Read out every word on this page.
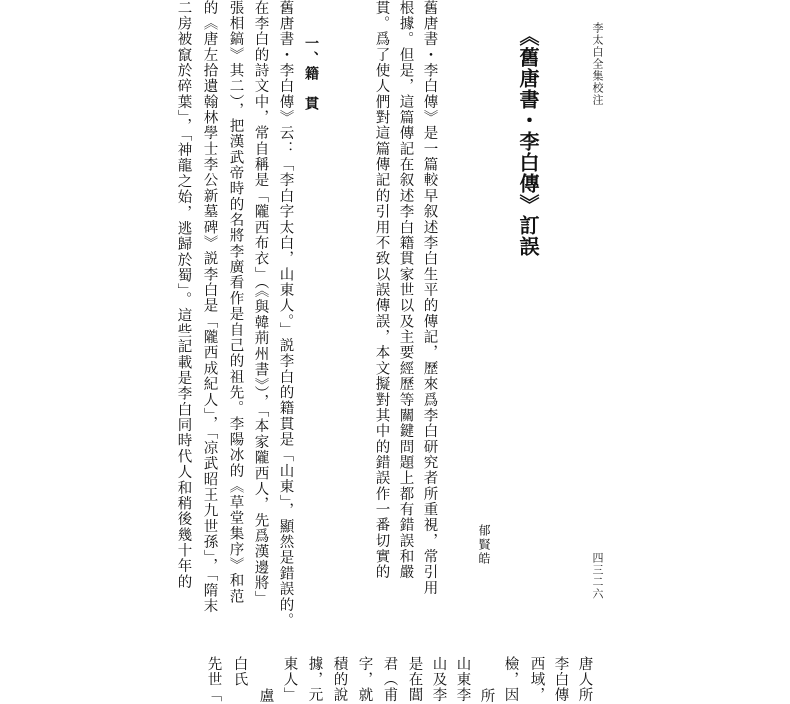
李太白全集校注
四三二六
《舊唐書・李白傳》訂誤
郁賢皓
舊唐書・李白傳》是一篇較早叙述李白生平的傳記，歷來爲李白研究者所重視，常引用
根據。但是，這篇傳記在叙述李白籍貫家世以及主要經歷等關鍵問題上都有錯誤和嚴
貫。爲了使人們對這篇傳記的引用不致以誤傳誤，本文擬對其中的錯誤作一番切實的
一、籍　貫
舊唐書・李白傳》云：「李白字太白，山東人。」説李白的籍貫是「山東」，顯然是錯誤的。
在李白的詩文中，常自稱是「隴西布衣」（《與韓荊州書》），「本家隴西人，先爲漢邊將」
張相鎬》其二），把漢武帝時的名將李廣看作是自己的祖先。李陽冰的《草堂集序》和范
的《唐左拾遺翰林學士李公新墓碑》説李白是「隴西成紀人」，「凉武昭王九世孫」，「隋末
二房被竄於碎葉」，「神龍之始，逃歸於蜀」。這些記載是李白同時代人和稍後幾十年的
唐人所
李白傳
西域，
檢，因
所
山東李
山及李
是在閶
君（甫
字，就
積的說
據，元
東人」
盧
白氏
先世「
